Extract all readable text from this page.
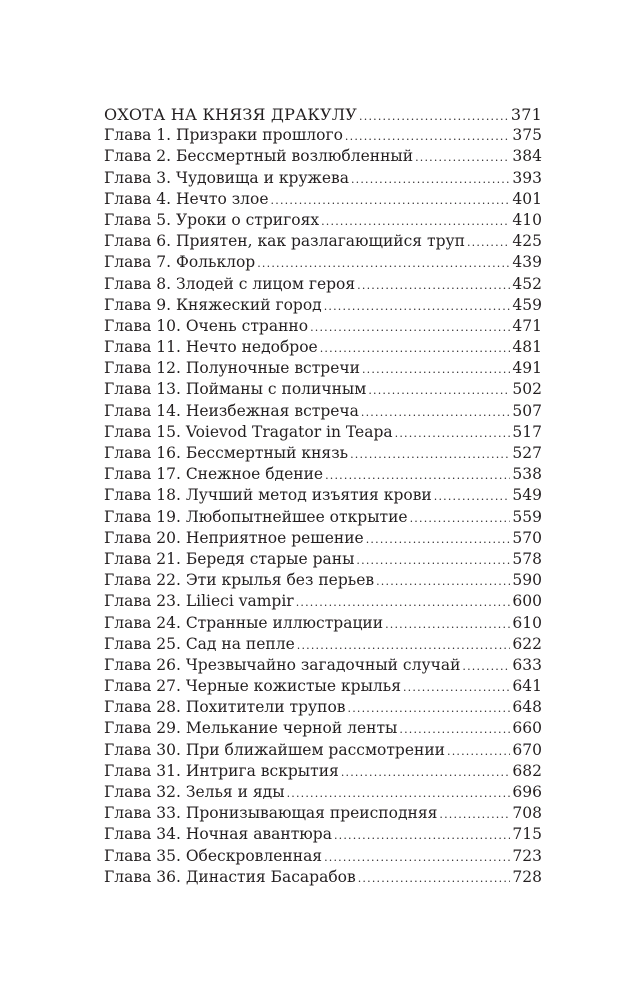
ОХОТА НА КНЯЗЯ ДРАКУЛУ .....	371
Глава 1. Призраки прошлого .....	375
Глава 2. Бессмертный возлюбленный .....	384
Глава 3. Чудовища и кружева .....	393
Глава 4. Нечто злое .....	401
Глава 5. Уроки о стригоях .....	410
Глава 6. Приятен, как разлагающийся труп .....	425
Глава 7. Фольклор .....	439
Глава 8. Злодей с лицом героя .....	452
Глава 9. Княжеский город .....	459
Глава 10. Очень странно .....	471
Глава 11. Нечто недоброе .....	481
Глава 12. Полуночные встречи .....	491
Глава 13. Пойманы с поличным .....	502
Глава 14. Неизбежная встреча .....	507
Глава 15. Voievod Tragator in Teapa .....	517
Глава 16. Бессмертный князь .....	527
Глава 17. Снежное бдение .....	538
Глава 18. Лучший метод изъятия крови .....	549
Глава 19. Любопытнейшее открытие .....	559
Глава 20. Неприятное решение .....	570
Глава 21. Бередя старые раны .....	578
Глава 22. Эти крылья без перьев .....	590
Глава 23. Lilieci vampir .....	600
Глава 24. Странные иллюстрации .....	610
Глава 25. Сад на пепле .....	622
Глава 26. Чрезвычайно загадочный случай .....	633
Глава 27. Черные кожистые крылья .....	641
Глава 28. Похитители трупов .....	648
Глава 29. Мелькание черной ленты .....	660
Глава 30. При ближайшем рассмотрении .....	670
Глава 31. Интрига вскрытия .....	682
Глава 32. Зелья и яды .....	696
Глава 33. Пронизывающая преисподняя .....	708
Глава 34. Ночная авантюра .....	715
Глава 35. Обескровленная .....	723
Глава 36. Династия Басарабов .....	728
